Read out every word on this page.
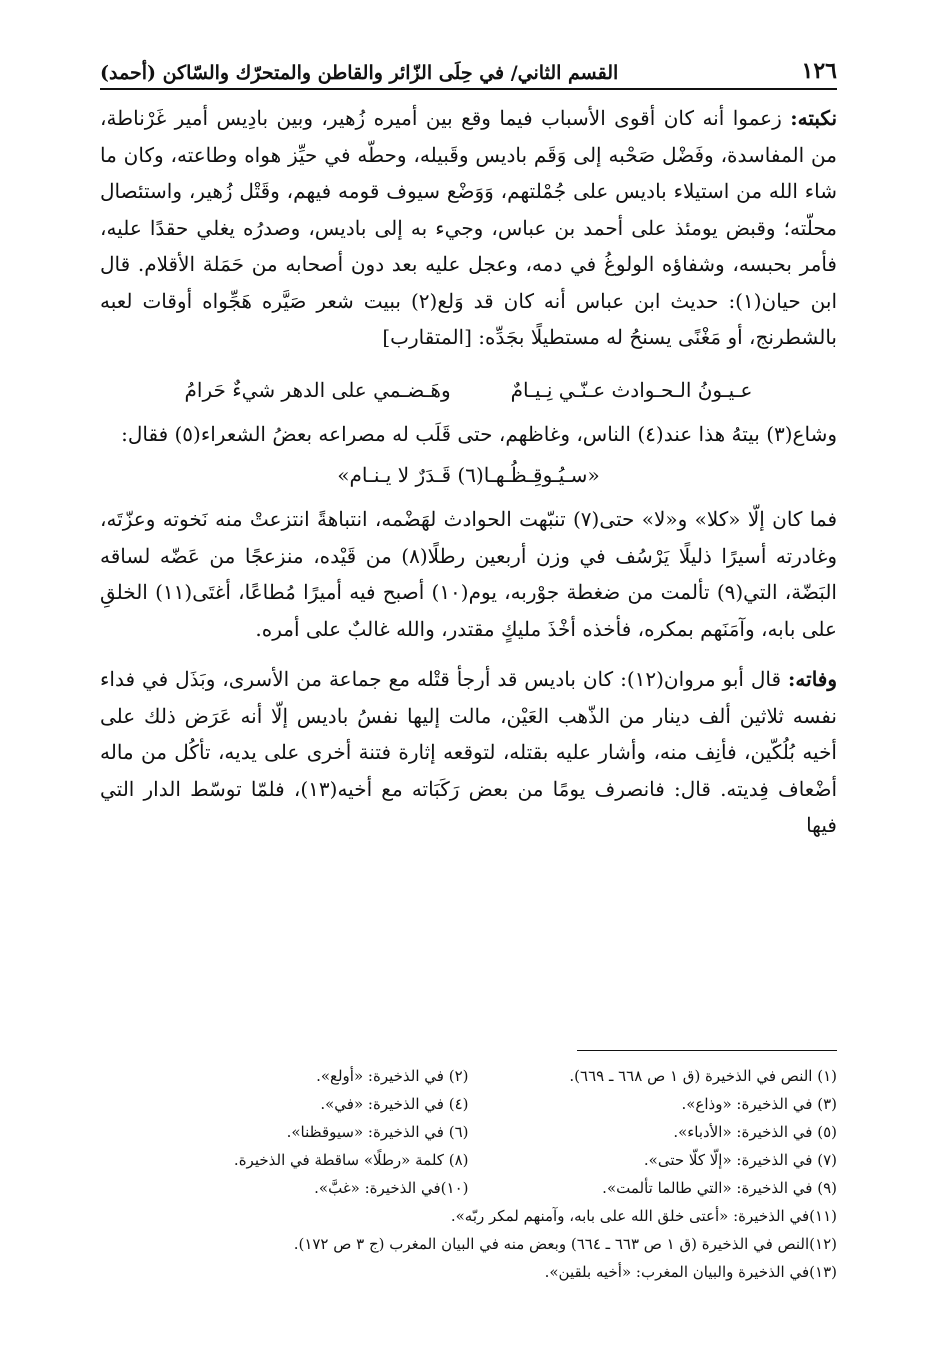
١٢٦
القسم الثاني/ في حِلَى الزّائر والقاطن والمتحرّك والسّاكن (أحمد)

نكبته: زعموا أنه كان أقوى الأسباب فيما وقع بين أميره زُهير، وبين بادِيس أمير غَرْناطة، من المفاسدة، وفَضْل صَحْبه إلى وَقَم باديس وقَبيله، وحطّه في حيِّز هواه وطاعته، وكان ما شاء الله من استيلاء باديس على جُمْلتهم، وَوَضْع سيوف قومه فيهم، وقَتْل زُهير، واستئصال محلّته؛ وقبض يومئذ على أحمد بن عباس، وجيء به إلى باديس، وصدرُه يغلي حقدًا عليه، فأمر بحبسه، وشفاؤه الولوغُ في دمه، وعجل عليه بعد دون أصحابه من حَمَلة الأقلام. قال ابن حيان(١): حديث ابن عباس أنه كان قد وَلع(٢) ببيت شعر صَيَّره هَجِّواه أوقات لعبه بالشطرنج، أو مَغْنًى يسنحُ له مستطيلًا بجَدِّه: [المتقارب]

عـيـونُ الـحـوادث عـنّـي نِـيـامٌ
وهَـضـمي على الدهر شيءٌ حَرامُ

وشاع(٣) بيتهُ هذا عند(٤) الناس، وغاظهم، حتى قَلَب له مصراعه بعضُ الشعراء(٥) فقال:

«سـيُـوقِـظُـهـا(٦) قَـدَرٌ لا يـنـام»

فما كان إلّا «كلا» و«لا» حتى(٧) تنبّهت الحوادث لهَضْمه، انتباهةً انتزعتْ منه نَخوته وعزّتَه، وغادرته أسيرًا ذليلًا يَرْسُف في وزن أربعين رطلًا(٨) من قَيْده، منزعجًا من عَضّه لساقه البَضّة، التي(٩) تألمت من ضغطة جوْربه، يوم(١٠) أصبح فيه أميرًا مُطاعًا، أغتَى(١١) الخلقِ على بابه، وآمَنَهم بمكره، فأخذه أخْذَ مليكٍ مقتدر، والله غالبٌ على أمره.

وفاته: قال أبو مروان(١٢): كان باديس قد أرجأ قتْله مع جماعة من الأسرى، وبَذَل في فداء نفسه ثلاثين ألف دينار من الذّهب العَيْن، مالت إليها نفسُ باديس إلّا أنه عَرَض ذلك على أخيه بُلُكّين، فأنِف منه، وأشار عليه بقتله، لتوقعه إثارة فتنة أخرى على يديه، تأكُل من ماله أضْعاف فِديته. قال: فانصرف يومًا من بعض رَكَبَاته مع أخيه(١٣)، فلمّا توسّط الدار التي فيها

(١) النص في الذخيرة (ق ١ ص ٦٦٨ ـ ٦٦٩).
(٢) في الذخيرة: «أولع».
(٣) في الذخيرة: «وذاع».
(٤) في الذخيرة: «في».
(٥) في الذخيرة: «الأدباء».
(٦) في الذخيرة: «سيوقظنا».
(٧) في الذخيرة: «إلّا كلّا حتى».
(٨) كلمة «رطلًا» ساقطة في الذخيرة.
(٩) في الذخيرة: «التي طالما تألمت».
(١٠)في الذخيرة: «غبَّ».
(١١)في الذخيرة: «أعتى خلق الله على بابه، وآمنهم لمكر ربّه».
(١٢)النص في الذخيرة (ق ١ ص ٦٦٣ ـ ٦٦٤) وبعض منه في البيان المغرب (ج ٣ ص ١٧٢).
(١٣)في الذخيرة والبيان المغرب: «أخيه بلقين».
